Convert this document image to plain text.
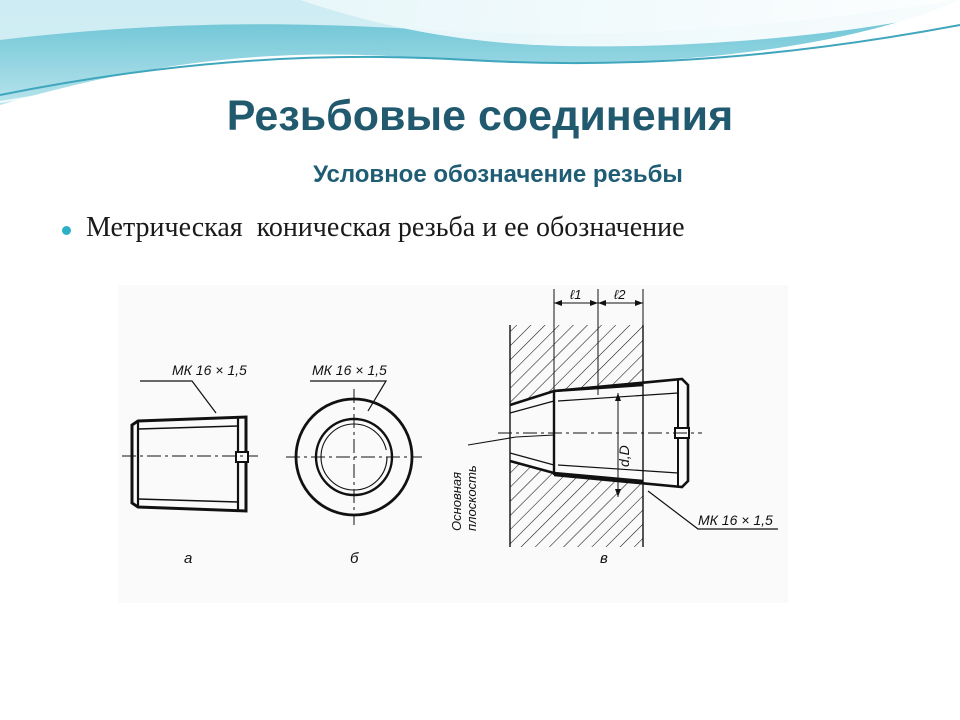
Резьбовые соединения
Условное обозначение резьбы
Метрическая  коническая резьба и ее обозначение
МК 16 × 1,5
а
МК 16 × 1,5
б
ℓ1	ℓ2
d,D
Основная плоскость	МК 16 × 1,5
в
